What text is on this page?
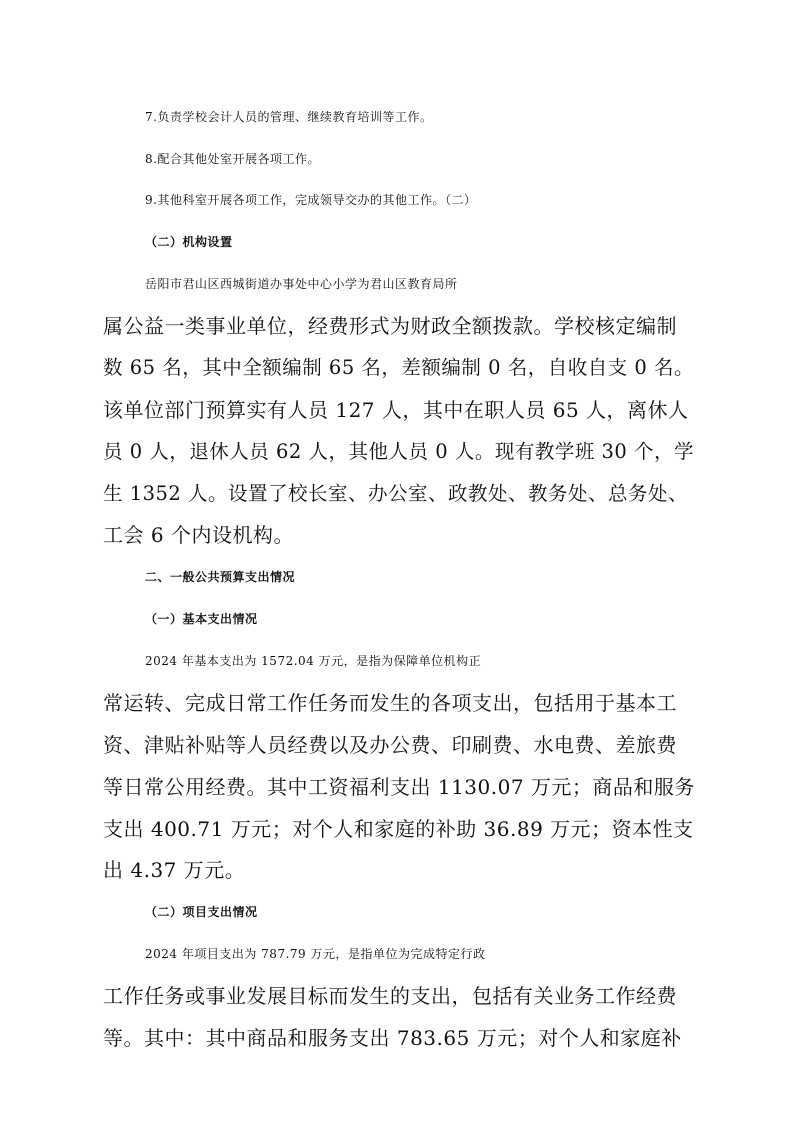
7.负责学校会计人员的管理、继续教育培训等工作。
8.配合其他处室开展各项工作。
9.其他科室开展各项工作，完成领导交办的其他工作。（二）
（二）机构设置
岳阳市君山区西城街道办事处中心小学为君山区教育局所
属公益一类事业单位，经费形式为财政全额拨款。学校核定编制
数 65 名，其中全额编制 65 名，差额编制 0 名，自收自支 0 名。
该单位部门预算实有人员 127 人，其中在职人员 65 人，离休人
员 0 人，退休人员 62 人，其他人员 0 人。现有教学班 30 个，学
生 1352 人。设置了校长室、办公室、政教处、教务处、总务处、
工会 6 个内设机构。
二、一般公共预算支出情况
（一）基本支出情况
2024 年基本支出为 1572.04 万元，是指为保障单位机构正
常运转、完成日常工作任务而发生的各项支出，包括用于基本工
资、津贴补贴等人员经费以及办公费、印刷费、水电费、差旅费
等日常公用经费。其中工资福利支出 1130.07 万元；商品和服务
支出 400.71 万元；对个人和家庭的补助 36.89 万元；资本性支
出 4.37 万元。
（二）项目支出情况
2024 年项目支出为 787.79 万元，是指单位为完成特定行政
工作任务或事业发展目标而发生的支出，包括有关业务工作经费
等。其中：其中商品和服务支出 783.65 万元；对个人和家庭补
